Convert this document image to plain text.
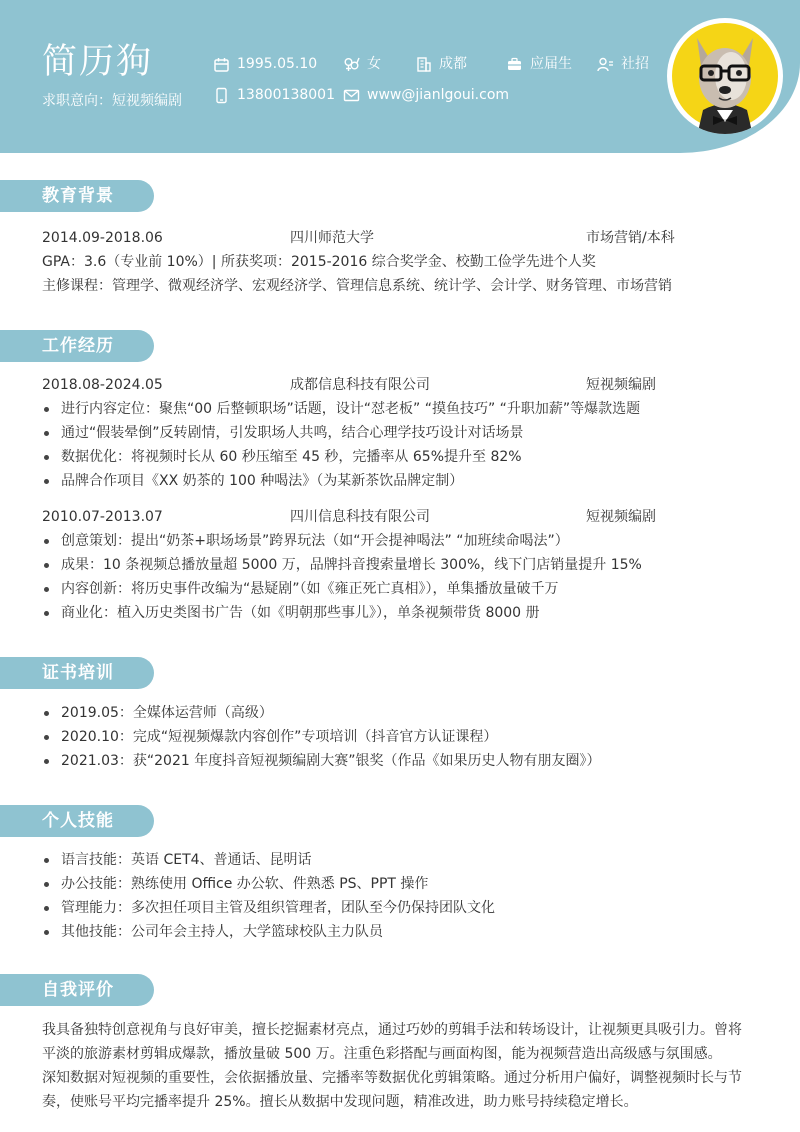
简历狗
求职意向：短视频编剧
1995.05.10	女	成都	应届生	社招
13800138001 www@jianlgoui.com
教育背景
2014.09-2018.06	四川师范大学	市场营销/本科
GPA：3.6（专业前 10%）| 所获奖项：2015-2016 综合奖学金、校勤工俭学先进个人奖
主修课程：管理学、微观经济学、宏观经济学、管理信息系统、统计学、会计学、财务管理、市场营销
工作经历
2018.08-2024.05	成都信息科技有限公司	短视频编剧
进行内容定位：聚焦“00 后整顿职场”话题，设计“怼老板” “摸鱼技巧” “升职加薪”等爆款选题
通过“假装晕倒”反转剧情，引发职场人共鸣，结合心理学技巧设计对话场景
数据优化：将视频时长从 60 秒压缩至 45 秒，完播率从 65%提升至 82%
品牌合作项目《XX 奶茶的 100 种喝法》（为某新茶饮品牌定制）
2010.07-2013.07	四川信息科技有限公司	短视频编剧
创意策划：提出“奶茶+职场场景”跨界玩法（如“开会提神喝法” “加班续命喝法”）
成果：10 条视频总播放量超 5000 万，品牌抖音搜索量增长 300%，线下门店销量提升 15%
内容创新：将历史事件改编为“悬疑剧”（如《雍正死亡真相》），单集播放量破千万
商业化：植入历史类图书广告（如《明朝那些事儿》），单条视频带货 8000 册
证书培训
2019.05：全媒体运营师（高级）
2020.10：完成“短视频爆款内容创作”专项培训（抖音官方认证课程）
2021.03：获“2021 年度抖音短视频编剧大赛”银奖（作品《如果历史人物有朋友圈》）
个人技能
语言技能：英语 CET4、普通话、昆明话
办公技能：熟练使用 Office 办公软、件熟悉 PS、PPT 操作
管理能力：多次担任项目主管及组织管理者，团队至今仍保持团队文化
其他技能：公司年会主持人，大学篮球校队主力队员
自我评价
我具备独特创意视角与良好审美，擅长挖掘素材亮点，通过巧妙的剪辑手法和转场设计，让视频更具吸引力。曾将
平淡的旅游素材剪辑成爆款，播放量破 500 万。注重色彩搭配与画面构图，能为视频营造出高级感与氛围感。
深知数据对短视频的重要性，会依据播放量、完播率等数据优化剪辑策略。通过分析用户偏好，调整视频时长与节
奏，使账号平均完播率提升 25%。擅长从数据中发现问题，精准改进，助力账号持续稳定增长。
